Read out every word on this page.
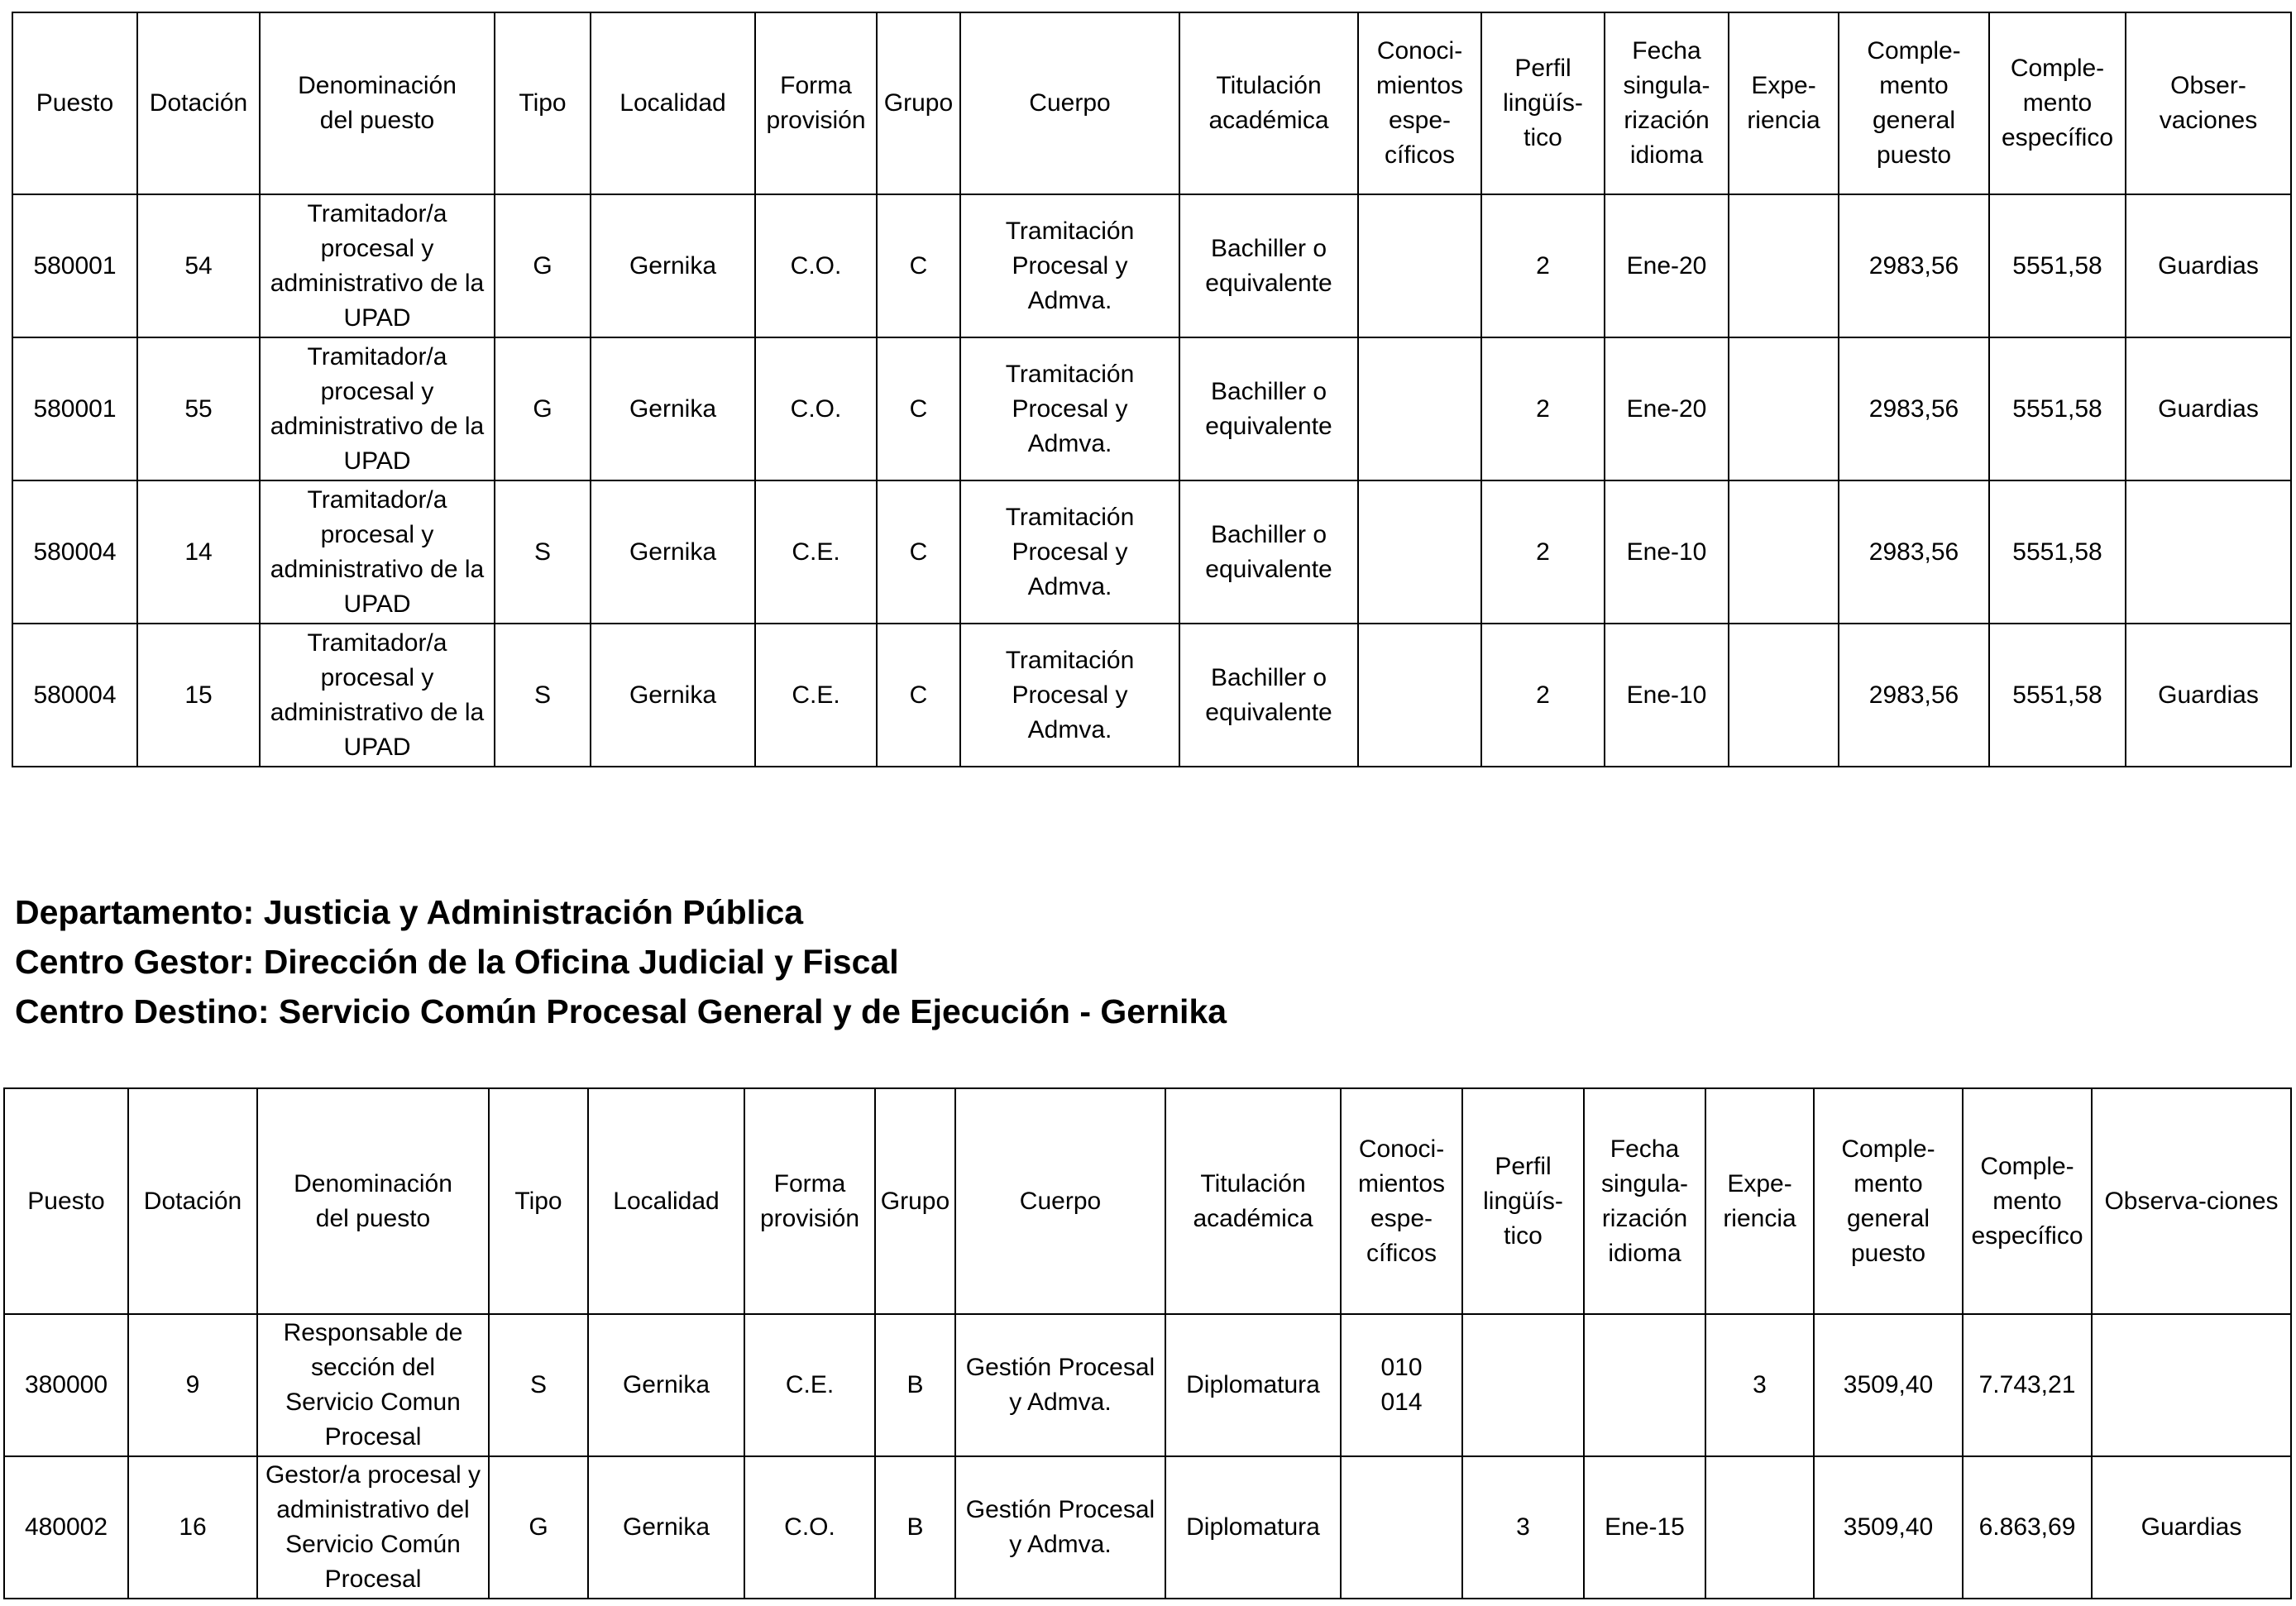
Puesto	Dotación	Denominación
del puesto	Tipo	Localidad	Forma
provisión	Grupo	Cuerpo	Titulación
académica	Conoci-
mientos
espe-
cíficos	Perfil
lingüís-
tico	Fecha
singula-
rización
idioma	Expe-
riencia	Comple-
mento
general
puesto	Comple-
mento
específico	Obser-
vaciones
580001	54	Tramitador/a
procesal y
administrativo de la
UPAD	G	Gernika	C.O.	C	Tramitación
Procesal y
Admva.	Bachiller o
equivalente		2	Ene-20		2983,56	5551,58	Guardias
580001	55	Tramitador/a
procesal y
administrativo de la
UPAD	G	Gernika	C.O.	C	Tramitación
Procesal y
Admva.	Bachiller o
equivalente		2	Ene-20		2983,56	5551,58	Guardias
580004	14	Tramitador/a
procesal y
administrativo de la
UPAD	S	Gernika	C.E.	C	Tramitación
Procesal y
Admva.	Bachiller o
equivalente		2	Ene-10		2983,56	5551,58	
580004	15	Tramitador/a
procesal y
administrativo de la
UPAD	S	Gernika	C.E.	C	Tramitación
Procesal y
Admva.	Bachiller o
equivalente		2	Ene-10		2983,56	5551,58	Guardias
Departamento: Justicia y Administración Pública
Centro Gestor: Dirección de la Oficina Judicial y Fiscal
Centro Destino: Servicio Común Procesal General y de Ejecución - Gernika
Puesto	Dotación	Denominación
del puesto	Tipo	Localidad	Forma
provisión	Grupo	Cuerpo	Titulación
académica	Conoci-
mientos
espe-
cíficos	Perfil
lingüís-
tico	Fecha
singula-
rización
idioma	Expe-
riencia	Comple-
mento
general
puesto	Comple-
mento
específico	Observa-ciones
380000	9	Responsable de
sección del
Servicio Comun
Procesal	S	Gernika	C.E.	B	Gestión Procesal
y Admva.	Diplomatura	010
014			3	3509,40	7.743,21	
480002	16	Gestor/a procesal y
administrativo del
Servicio Común
Procesal	G	Gernika	C.O.	B	Gestión Procesal
y Admva.	Diplomatura		3	Ene-15		3509,40	6.863,69	Guardias
